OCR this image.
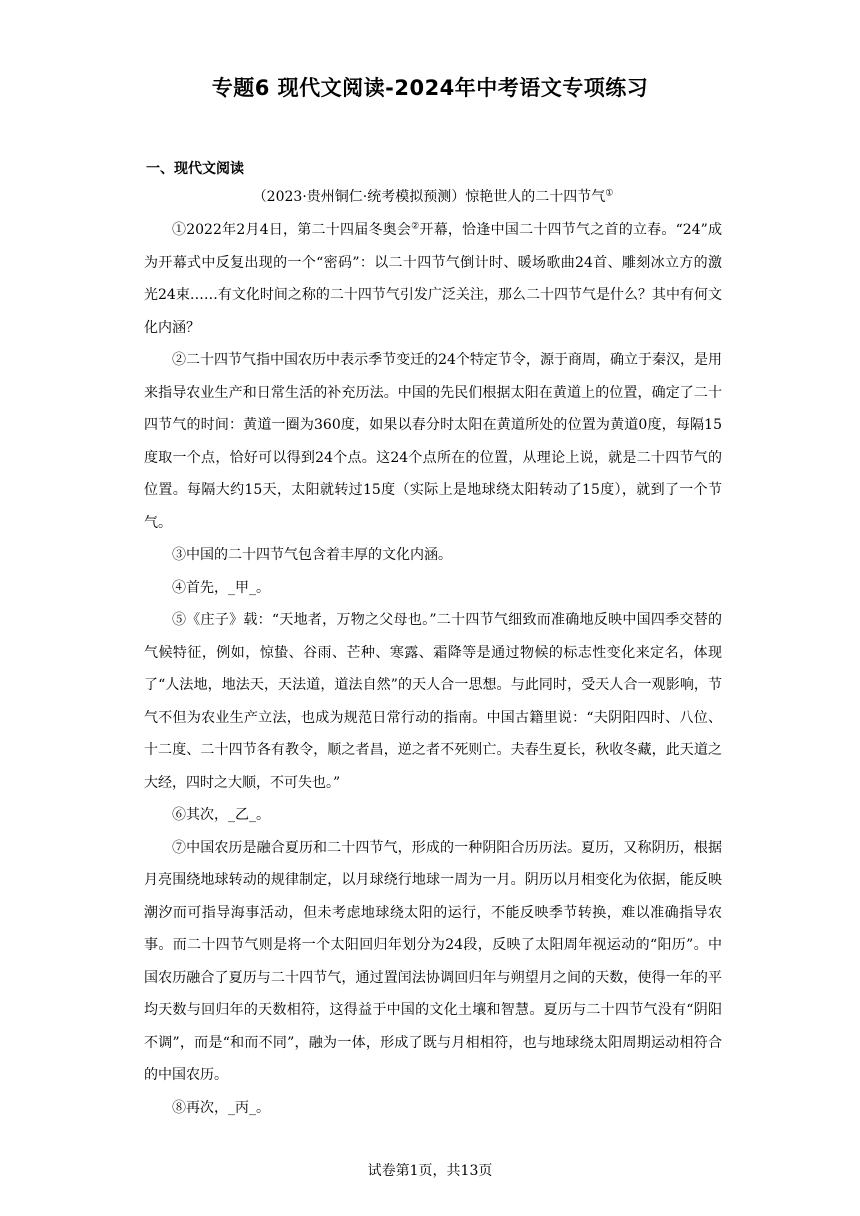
专题6 现代文阅读-2024年中考语文专项练习
一、现代文阅读

（2023·贵州铜仁·统考模拟预测）惊艳世人的二十四节气①

①2022年2月4日，第二十四届冬奥会②开幕，恰逢中国二十四节气之首的立春。“24”成为开幕式中反复出现的一个“密码”：以二十四节气倒计时、暖场歌曲24首、雕刻冰立方的激光24束……有文化时间之称的二十四节气引发广泛关注，那么二十四节气是什么？其中有何文化内涵？

②二十四节气指中国农历中表示季节变迁的24个特定节令，源于商周，确立于秦汉，是用来指导农业生产和日常生活的补充历法。中国的先民们根据太阳在黄道上的位置，确定了二十四节气的时间：黄道一圈为360度，如果以春分时太阳在黄道所处的位置为黄道0度，每隔15度取一个点，恰好可以得到24个点。这24个点所在的位置，从理论上说，就是二十四节气的位置。每隔大约15天，太阳就转过15度（实际上是地球绕太阳转动了15度），就到了一个节气。

③中国的二十四节气包含着丰厚的文化内涵。

④首先，_甲_。

⑤《庄子》载：“天地者，万物之父母也。”二十四节气细致而准确地反映中国四季交替的气候特征，例如，惊蛰、谷雨、芒种、寒露、霜降等是通过物候的标志性变化来定名，体现了“人法地，地法天，天法道，道法自然”的天人合一思想。与此同时，受天人合一观影响，节气不但为农业生产立法，也成为规范日常行动的指南。中国古籍里说：“夫阴阳四时、八位、十二度、二十四节各有教令，顺之者昌，逆之者不死则亡。夫春生夏长，秋收冬藏，此天道之大经，四时之大顺，不可失也。”

⑥其次，_乙_。

⑦中国农历是融合夏历和二十四节气，形成的一种阴阳合历历法。夏历，又称阴历，根据月亮围绕地球转动的规律制定，以月球绕行地球一周为一月。阴历以月相变化为依据，能反映潮汐而可指导海事活动，但未考虑地球绕太阳的运行，不能反映季节转换，难以准确指导农事。而二十四节气则是将一个太阳回归年划分为24段，反映了太阳周年视运动的“阳历”。中国农历融合了夏历与二十四节气，通过置闰法协调回归年与朔望月之间的天数，使得一年的平均天数与回归年的天数相符，这得益于中国的文化土壤和智慧。夏历与二十四节气没有“阴阳不调”，而是“和而不同”，融为一体，形成了既与月相相符，也与地球绕太阳周期运动相符合的中国农历。

⑧再次，_丙_。

试卷第1页，共13页
